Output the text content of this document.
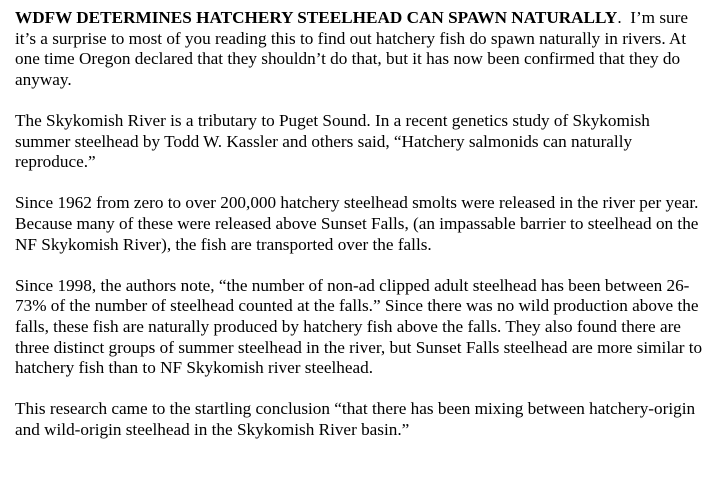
WDFW DETERMINES HATCHERY STEELHEAD CAN SPAWN NATURALLY. I’m sure it’s a surprise to most of you reading this to find out hatchery fish do spawn naturally in rivers. At one time Oregon declared that they shouldn’t do that, but it has now been confirmed that they do anyway.

The Skykomish River is a tributary to Puget Sound. In a recent genetics study of Skykomish summer steelhead by Todd W. Kassler and others said, “Hatchery salmonids can naturally reproduce.”

Since 1962 from zero to over 200,000 hatchery steelhead smolts were released in the river per year. Because many of these were released above Sunset Falls, (an impassable barrier to steelhead on the NF Skykomish River), the fish are transported over the falls.

Since 1998, the authors note, “the number of non-ad clipped adult steelhead has been between 26-73% of the number of steelhead counted at the falls.” Since there was no wild production above the falls, these fish are naturally produced by hatchery fish above the falls. They also found there are three distinct groups of summer steelhead in the river, but Sunset Falls steelhead are more similar to hatchery fish than to NF Skykomish river steelhead.

This research came to the startling conclusion “that there has been mixing between hatchery-origin and wild-origin steelhead in the Skykomish River basin.”
